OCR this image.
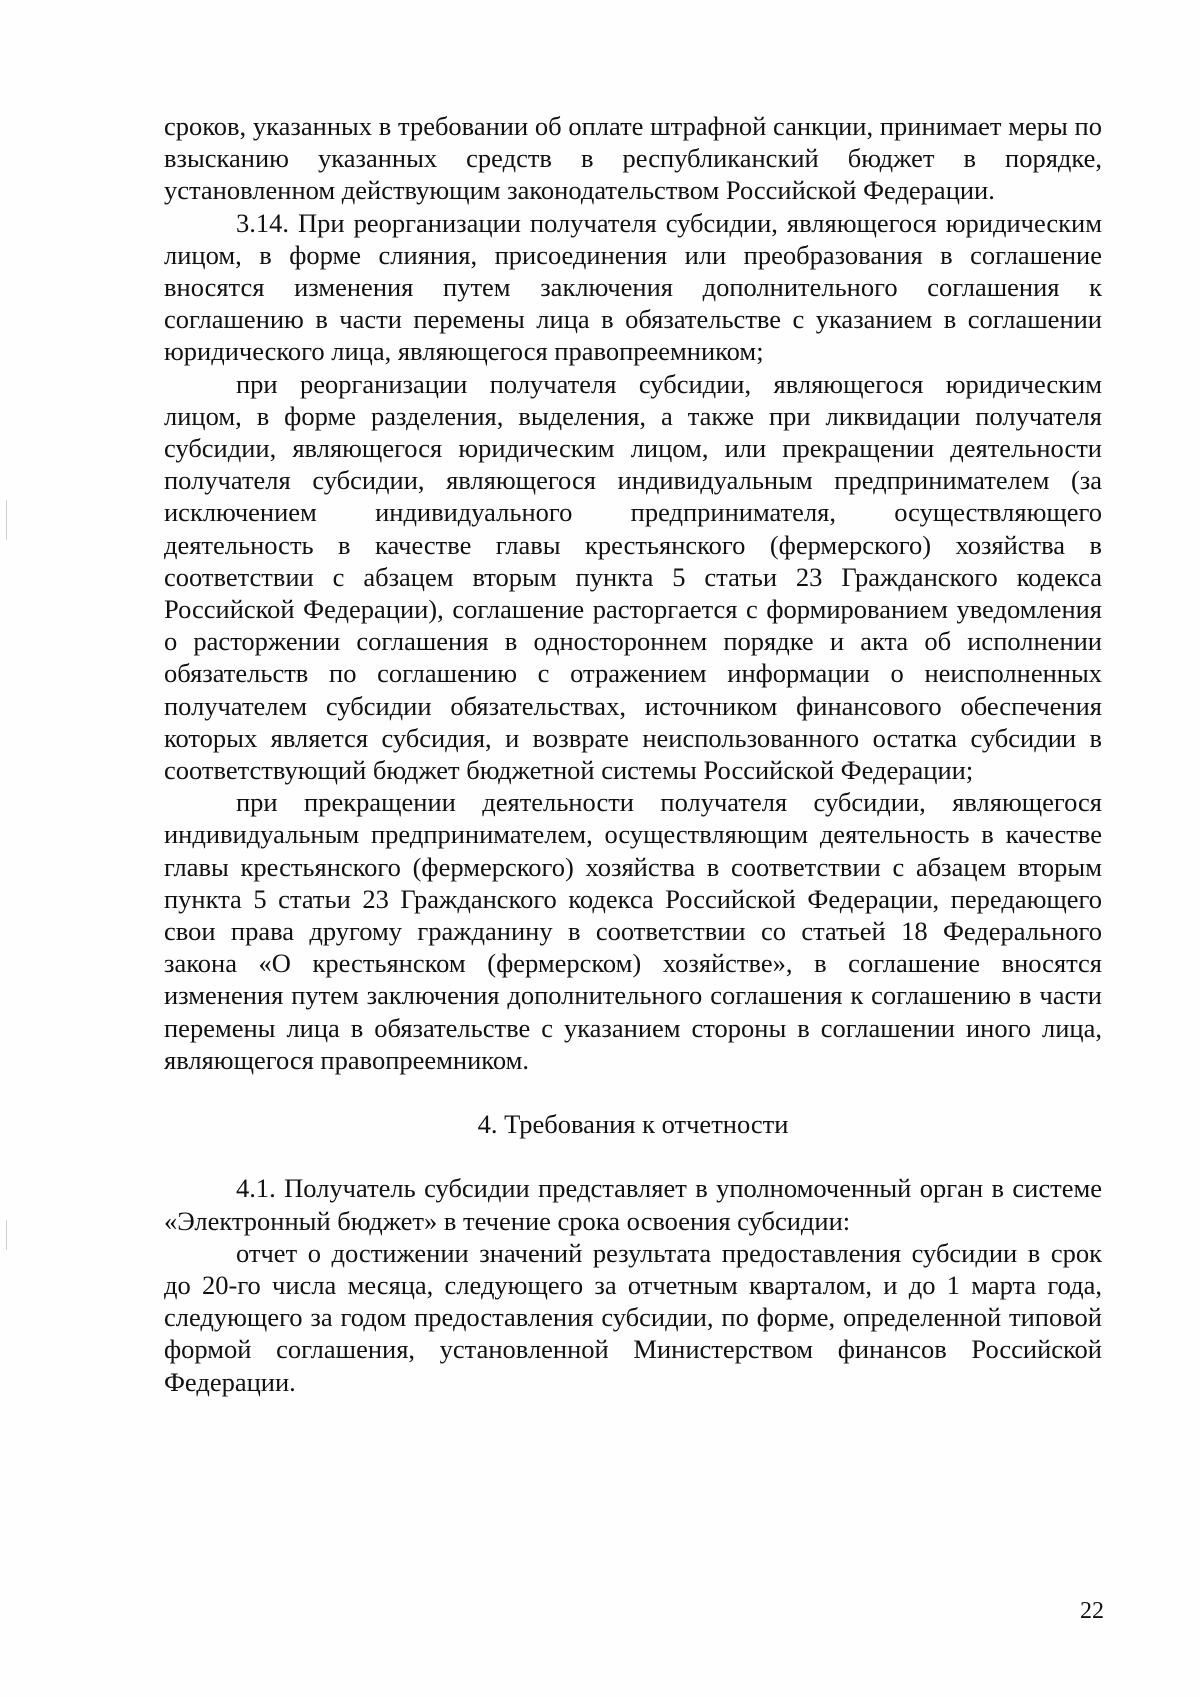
сроков, указанных в требовании об оплате штрафной санкции, принимает меры по взысканию указанных средств в республиканский бюджет в порядке, установленном действующим законодательством Российской Федерации.

3.14. При реорганизации получателя субсидии, являющегося юридическим лицом, в форме слияния, присоединения или преобразования в соглашение вносятся изменения путем заключения дополнительного соглашения к соглашению в части перемены лица в обязательстве с указанием в соглашении юридического лица, являющегося правопреемником;

при реорганизации получателя субсидии, являющегося юридическим лицом, в форме разделения, выделения, а также при ликвидации получателя субсидии, являющегося юридическим лицом, или прекращении деятельности получателя субсидии, являющегося индивидуальным предпринимателем (за исключением индивидуального предпринимателя, осуществляющего деятельность в качестве главы крестьянского (фермерского) хозяйства в соответствии с абзацем вторым пункта 5 статьи 23 Гражданского кодекса Российской Федерации), соглашение расторгается с формированием уведомления о расторжении соглашения в одностороннем порядке и акта об исполнении обязательств по соглашению с отражением информации о неисполненных получателем субсидии обязательствах, источником финансового обеспечения которых является субсидия, и возврате неиспользованного остатка субсидии в соответствующий бюджет бюджетной системы Российской Федерации;

при прекращении деятельности получателя субсидии, являющегося индивидуальным предпринимателем, осуществляющим деятельность в качестве главы крестьянского (фермерского) хозяйства в соответствии с абзацем вторым пункта 5 статьи 23 Гражданского кодекса Российской Федерации, передающего свои права другому гражданину в соответствии со статьей 18 Федерального закона «О крестьянском (фермерском) хозяйстве», в соглашение вносятся изменения путем заключения дополнительного соглашения к соглашению в части перемены лица в обязательстве с указанием стороны в соглашении иного лица, являющегося правопреемником.

4. Требования к отчетности

4.1. Получатель субсидии представляет в уполномоченный орган в системе «Электронный бюджет» в течение срока освоения субсидии:

отчет о достижении значений результата предоставления субсидии в срок до 20-го числа месяца, следующего за отчетным кварталом, и до 1 марта года, следующего за годом предоставления субсидии, по форме, определенной типовой формой соглашения, установленной Министерством финансов Российской Федерации.

22
